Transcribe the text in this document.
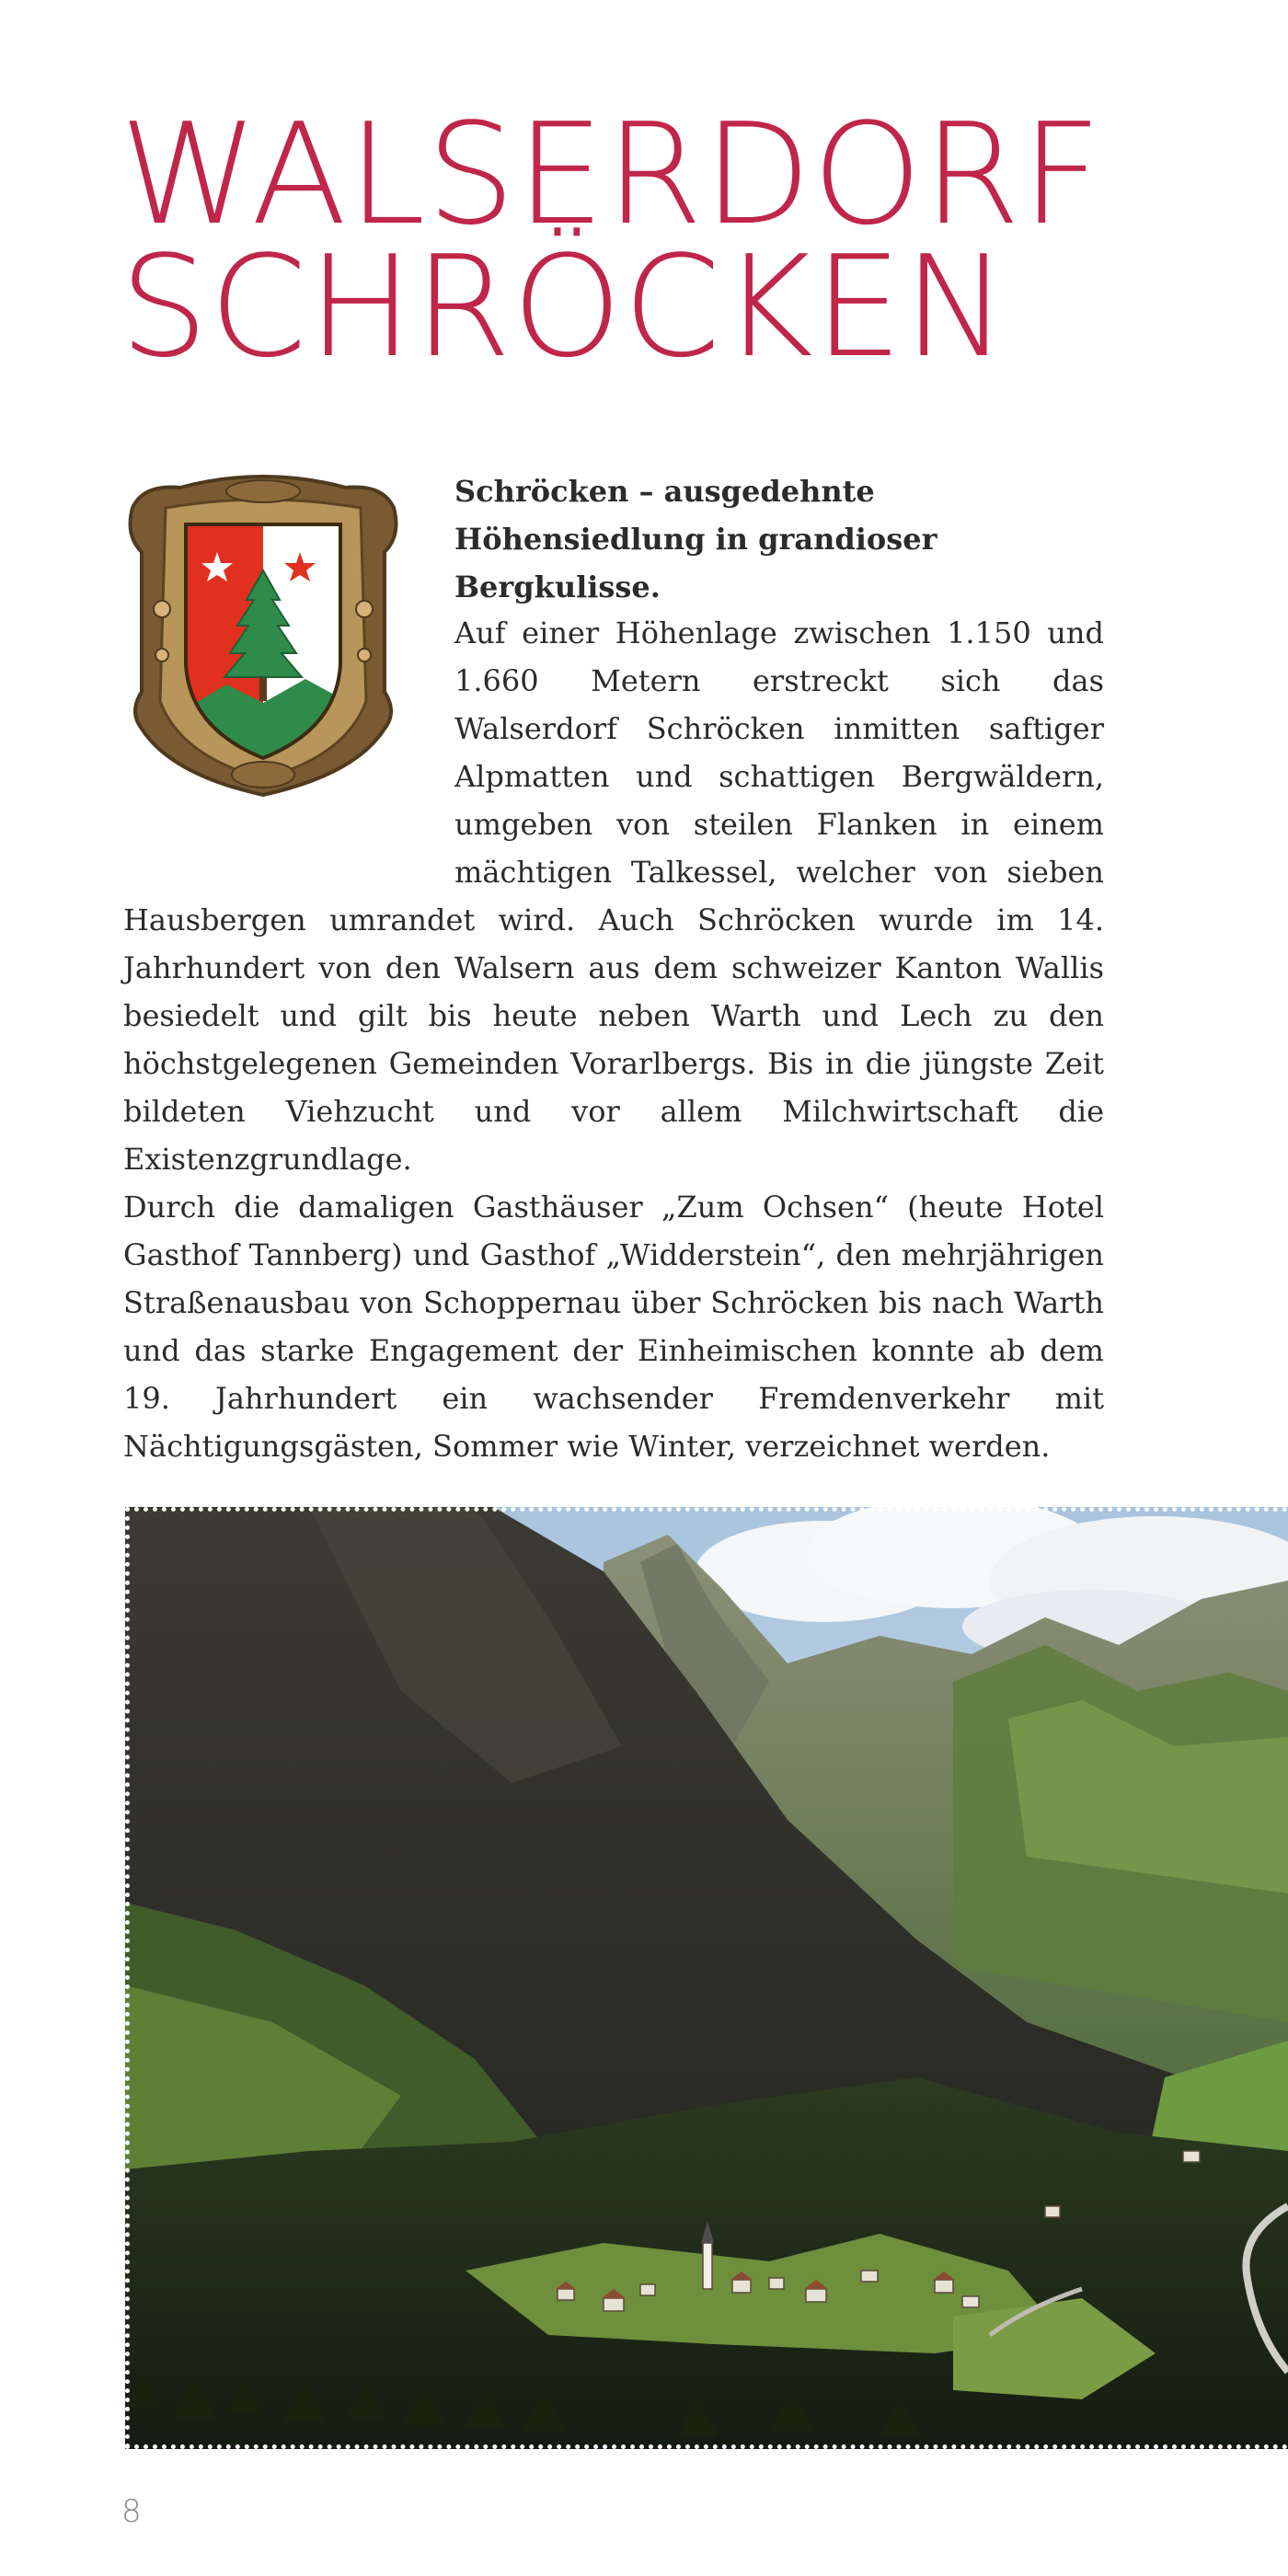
WALSERDORF
SCHRÖCKEN

Schröcken – ausgedehnte Höhensiedlung in grandioser Bergkulisse.

Auf einer Höhenlage zwischen 1.150 und 1.660 Metern erstreckt sich das Walserdorf Schröcken inmitten saftiger Alpmatten und schattigen Bergwäldern, umgeben von steilen Flanken in einem mächtigen Talkessel, welcher von sieben Hausbergen umrandet wird. Auch Schröcken wurde im 14. Jahrhundert von den Walsern aus dem schweizer Kanton Wallis besiedelt und gilt bis heute neben Warth und Lech zu den höchstgelegenen Gemeinden Vorarlbergs. Bis in die jüngste Zeit bildeten Viehzucht und vor allem Milchwirtschaft die Existenzgrundlage.

Durch die damaligen Gasthäuser „Zum Ochsen“ (heute Hotel Gasthof Tannberg) und Gasthof „Widderstein“, den mehrjährigen Straßenausbau von Schoppernau über Schröcken bis nach Warth und das starke Engagement der Einheimischen konnte ab dem 19. Jahrhundert ein wachsender Fremdenverkehr mit Nächtigungsgästen, Sommer wie Winter, verzeichnet werden.

8
